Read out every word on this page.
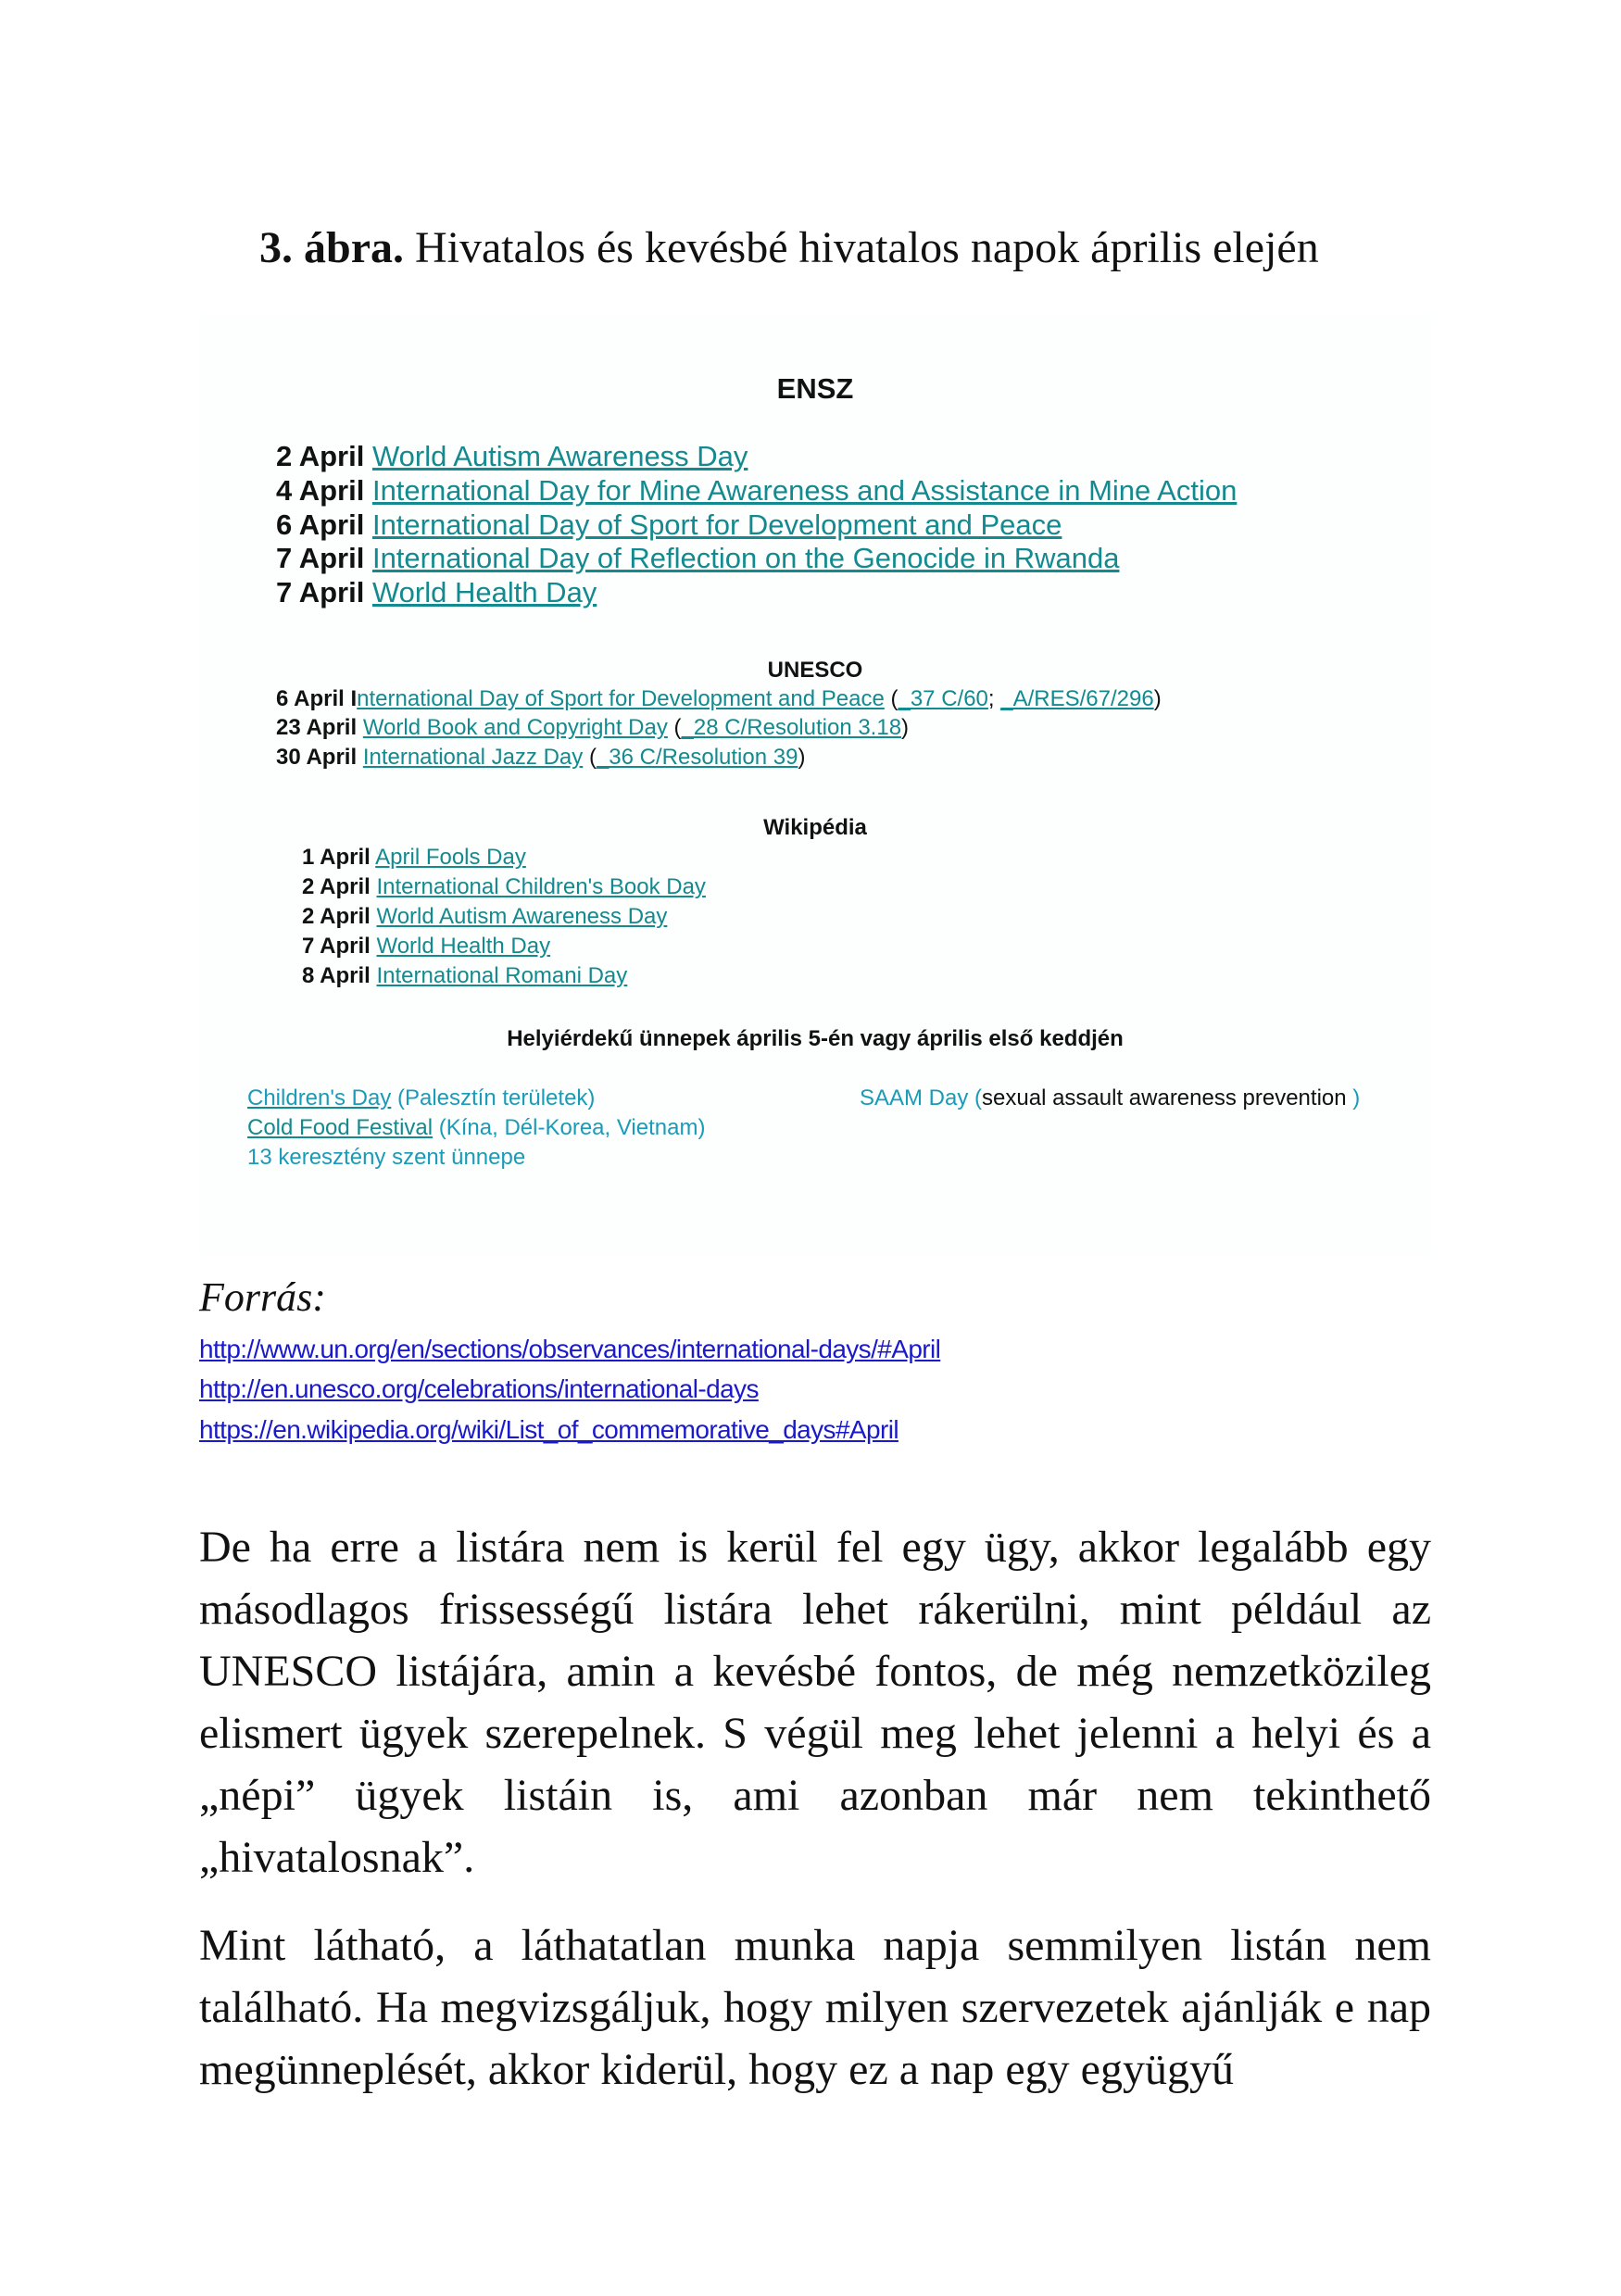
3. ábra. Hivatalos és kevésbé hivatalos napok április elején
ENSZ
2 April World Autism Awareness Day
4 April International Day for Mine Awareness and Assistance in Mine Action
6 April International Day of Sport for Development and Peace
7 April International Day of Reflection on the Genocide in Rwanda
7 April World Health Day
UNESCO
6 April International Day of Sport for Development and Peace (_37 C/60; _A/RES/67/296)
23 April World Book and Copyright Day (_28 C/Resolution 3.18)
30 April International Jazz Day (_36 C/Resolution 39)
Wikipédia
1 April April Fools Day
2 April International Children's Book Day
2 April World Autism Awareness Day
7 April World Health Day
8 April International Romani Day
Helyiérdekű ünnepek április 5-én vagy április első keddjén
Children's Day (Palesztín területek)
Cold Food Festival (Kína, Dél-Korea, Vietnam)
13 keresztény szent ünnepe
SAAM Day (sexual assault awareness prevention )
Forrás:
http://www.un.org/en/sections/observances/international-days/#April
http://en.unesco.org/celebrations/international-days
https://en.wikipedia.org/wiki/List_of_commemorative_days#April
De ha erre a listára nem is kerül fel egy ügy, akkor legalább egy másodlagos frissességű listára lehet rákerülni, mint például az UNESCO listájára, amin a kevésbé fontos, de még nemzetközileg elismert ügyek szerepelnek. S végül meg lehet jelenni a helyi és a „népi” ügyek listáin is, ami azonban már nem tekinthető „hivatalosnak”.
Mint látható, a láthatatlan munka napja semmilyen listán nem található. Ha megvizsgáljuk, hogy milyen szervezetek ajánlják e nap megünneplését, akkor kiderül, hogy ez a nap egy együgyű
